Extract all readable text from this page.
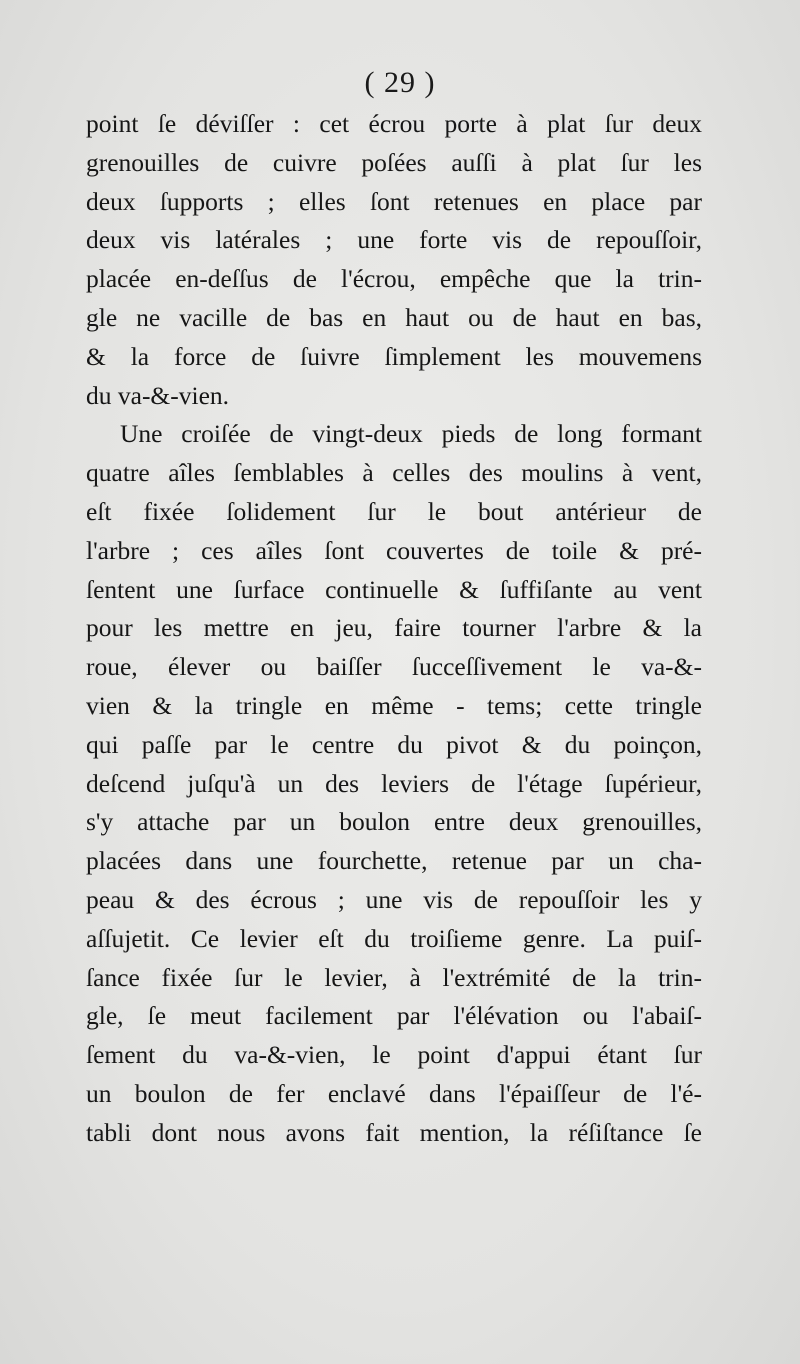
( 29 )
point ſe déviſſer : cet écrou porte à plat ſur deux
grenouilles de cuivre poſées auſſi à plat ſur les
deux ſupports ; elles ſont retenues en place par
deux vis latérales ; une forte vis de repouſſoir,
placée en-deſſus de l'écrou, empêche que la trin-
gle ne vacille de bas en haut ou de haut en bas,
& la force de ſuivre ſimplement les mouvemens
du va-&-vien.
Une croiſée de vingt-deux pieds de long formant
quatre aîles ſemblables à celles des moulins à vent,
eſt fixée ſolidement ſur le bout antérieur de
l'arbre ; ces aîles ſont couvertes de toile & pré-
ſentent une ſurface continuelle & ſuffiſante au vent
pour les mettre en jeu, faire tourner l'arbre & la
roue, élever ou baiſſer ſucceſſivement le va-&-
vien & la tringle en même - tems; cette tringle
qui paſſe par le centre du pivot & du poinçon,
deſcend juſqu'à un des leviers de l'étage ſupérieur,
s'y attache par un boulon entre deux grenouilles,
placées dans une fourchette, retenue par un cha-
peau & des écrous ; une vis de repouſſoir les y
aſſujetit. Ce levier eſt du troiſieme genre. La puiſ-
ſance fixée ſur le levier, à l'extrémité de la trin-
gle, ſe meut facilement par l'élévation ou l'abaiſ-
ſement du va-&-vien, le point d'appui étant ſur
un boulon de fer enclavé dans l'épaiſſeur de l'é-
tabli dont nous avons fait mention, la réſiſtance ſe
